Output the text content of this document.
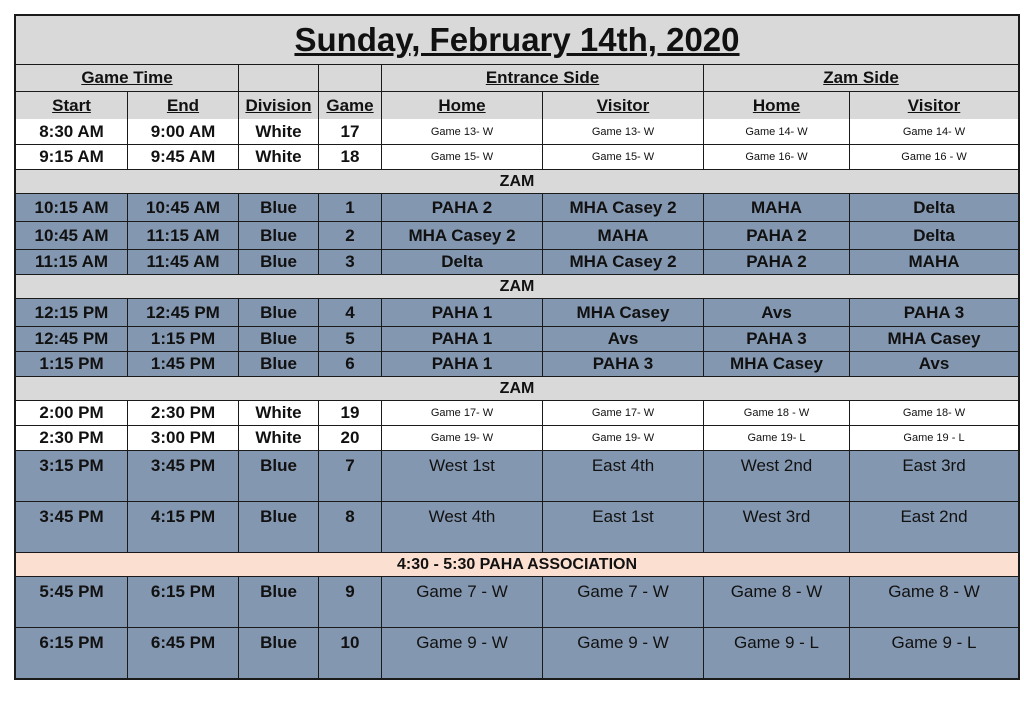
Sunday, February 14th, 2020
Game Time	Entrance Side	Zam Side
Start	End	Division Game	Home	Visitor	Home	Visitor
8:30 AM	9:00 AM	White	17	Game 13- W	Game 13- W	Game 14- W	Game 14- W
9:15 AM	9:45 AM	White	18	Game 15- W	Game 15- W	Game 16- W	Game 16 - W
ZAM
10:15 AM	10:45 AM	Blue	1	PAHA 2	MHA Casey 2	MAHA	Delta
10:45 AM	11:15 AM	Blue	2	MHA Casey 2	MAHA	PAHA 2	Delta
11:15 AM	11:45 AM	Blue	3	Delta	MHA Casey 2	PAHA 2	MAHA
ZAM
12:15 PM	12:45 PM	Blue	4	PAHA 1	MHA Casey	Avs	PAHA 3
12:45 PM	1:15 PM	Blue	5	PAHA 1	Avs	PAHA 3	MHA Casey
1:15 PM	1:45 PM	Blue	6	PAHA 1	PAHA 3	MHA Casey	Avs
ZAM
2:00 PM	2:30 PM	White	19	Game 17- W	Game 17- W	Game 18 - W	Game 18- W
2:30 PM	3:00 PM	White	20	Game 19- W	Game 19- W	Game 19- L	Game 19 - L
3:15 PM	3:45 PM	Blue	7	West 1st	East 4th	West 2nd	East 3rd
3:45 PM	4:15 PM	Blue	8	West 4th	East 1st	West 3rd	East 2nd
4:30 - 5:30 PAHA ASSOCIATION
5:45 PM	6:15 PM	Blue	9	Game 7 - W	Game 7 - W	Game 8 - W	Game 8 - W
6:15 PM	6:45 PM	Blue	10	Game 9 - W	Game 9 - W	Game 9 - L	Game 9 - L
